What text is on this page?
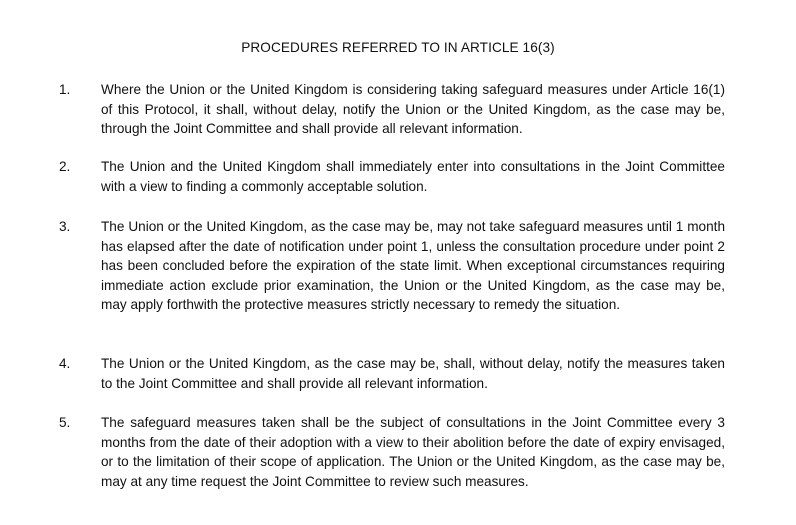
PROCEDURES REFERRED TO IN ARTICLE 16(3)
1. Where the Union or the United Kingdom is considering taking safeguard measures under Article 16(1) of this Protocol, it shall, without delay, notify the Union or the United Kingdom, as the case may be, through the Joint Committee and shall provide all relevant information.

2. The Union and the United Kingdom shall immediately enter into consultations in the Joint Committee with a view to finding a commonly acceptable solution.

3. The Union or the United Kingdom, as the case may be, may not take safeguard measures until 1 month has elapsed after the date of notification under point 1, unless the consultation procedure under point 2 has been concluded before the expiration of the state limit. When exceptional circumstances requiring immediate action exclude prior examination, the Union or the United Kingdom, as the case may be, may apply forthwith the protective measures strictly necessary to remedy the situation.

4. The Union or the United Kingdom, as the case may be, shall, without delay, notify the measures taken to the Joint Committee and shall provide all relevant information.

5. The safeguard measures taken shall be the subject of consultations in the Joint Committee every 3 months from the date of their adoption with a view to their abolition before the date of expiry envisaged, or to the limitation of their scope of application. The Union or the United Kingdom, as the case may be, may at any time request the Joint Committee to review such measures.
